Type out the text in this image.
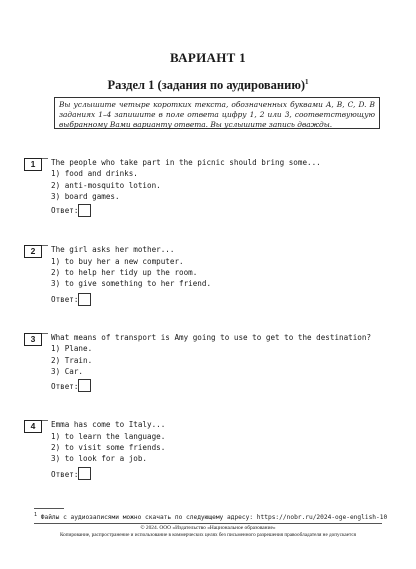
ВАРИАНТ 1
Раздел 1 (задания по аудированию)$^1$
Вы услышите четыре коротких текста, обозначенных буквами A, B, C, D. В заданиях 1–4 запишите в поле ответа цифру 1, 2 или 3, соответствующую выбранному Вами варианту ответа. Вы услышите запись дважды.
1	The people who take part in the picnic should bring some...
1) food and drinks.
2) anti-mosquito lotion.
3) board games.
Ответ:
2	The girl asks her mother...
1) to buy her a new computer.
2) to help her tidy up the room.
3) to give something to her friend.
Ответ:
3	What means of transport is Amy going to use to get to the destination?
1) Plane.
2) Train.
3) Car.
Ответ:
4	Emma has come to Italy...
1) to learn the language.
2) to visit some friends.
3) to look for a job.
Ответ:
$^1$ Файлы с аудиозаписями можно скачать по следующему адресу: https://nobr.ru/2024-oge-english-10
© 2024. ООО «Издательство «Национальное образование»
Копирование, распространение и использование в коммерческих целях без письменного разрешения правообладателя не допускается
